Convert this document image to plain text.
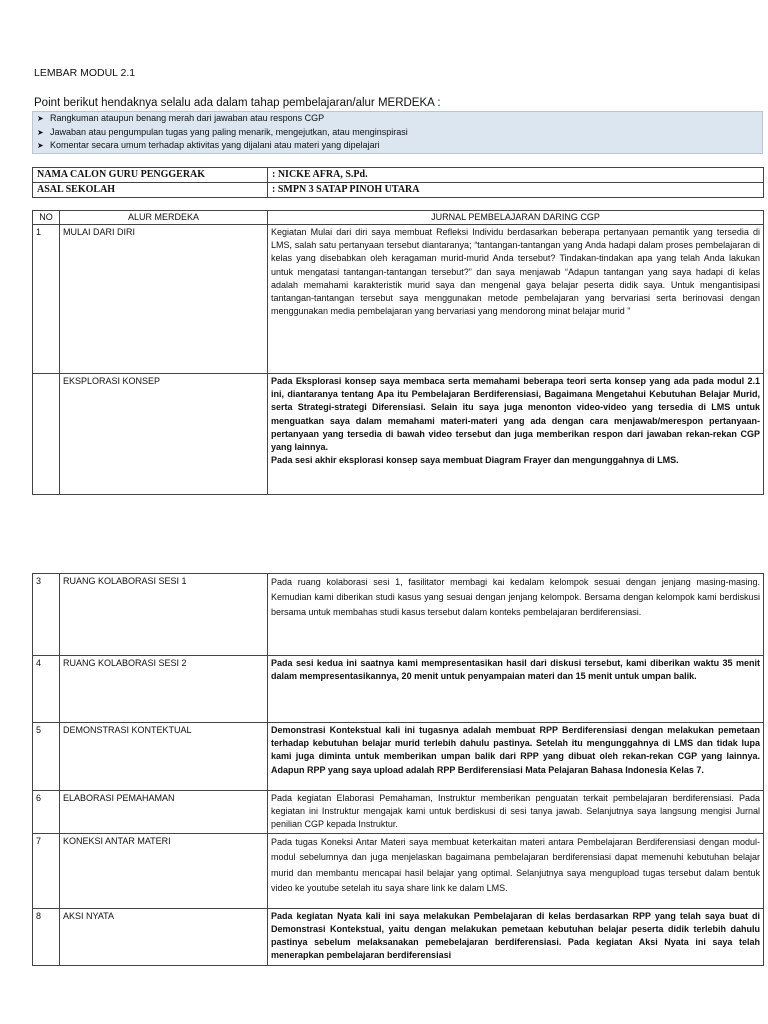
LEMBAR MODUL 2.1
Point berikut hendaknya selalu ada dalam tahap pembelajaran/alur MERDEKA :
➤ Rangkuman ataupun benang merah dari jawaban atau respons CGP
➤ Jawaban atau pengumpulan tugas yang paling menarik, mengejutkan, atau menginspirasi
➤ Komentar secara umum terhadap aktivitas yang dijalani atau materi yang dipelajari
NAMA CALON GURU PENGGERAK	: NICKE AFRA, S.Pd.
ASAL SEKOLAH	: SMPN 3 SATAP PINOH UTARA
NO	ALUR MERDEKA	JURNAL PEMBELAJARAN DARING CGP
1	MULAI DARI DIRI	Kegiatan Mulai dari diri saya membuat Refleksi Individu berdasarkan beberapa pertanyaan pemantik yang tersedia di LMS, salah satu pertanyaan tersebut diantaranya; “tantangan-tantangan yang Anda hadapi dalam proses pembelajaran di kelas yang disebabkan oleh keragaman murid-murid Anda tersebut? Tindakan-tindakan apa yang telah Anda lakukan untuk mengatasi tantangan-tantangan tersebut?” dan saya menjawab “Adapun tantangan yang saya hadapi di kelas adalah memahami karakteristik murid saya dan mengenal gaya belajar peserta didik saya. Untuk mengantisipasi tantangan-tantangan tersebut saya menggunakan metode pembelajaran yang bervariasi serta berinovasi dengan menggunakan media pembelajaran yang bervariasi yang mendorong minat belajar murid ”
	EKSPLORASI KONSEP	Pada Eksplorasi konsep saya membaca serta memahami beberapa teori serta konsep yang ada pada modul 2.1 ini, diantaranya tentang Apa itu Pembelajaran Berdiferensiasi, Bagaimana Mengetahui Kebutuhan Belajar Murid, serta Strategi-strategi Diferensiasi. Selain itu saya juga menonton video-video yang tersedia di LMS untuk menguatkan saya dalam memahami materi-materi yang ada dengan cara menjawab/merespon pertanyaan-pertanyaan yang tersedia di bawah video tersebut dan juga memberikan respon dari jawaban rekan-rekan CGP yang lainnya.
Pada sesi akhir eksplorasi konsep saya membuat Diagram Frayer dan mengunggahnya di LMS.
3	RUANG KOLABORASI SESI 1	Pada ruang kolaborasi sesi 1, fasilitator membagi kai kedalam kelompok sesuai dengan jenjang masing-masing. Kemudian kami diberikan studi kasus yang sesuai dengan jenjang kelompok. Bersama dengan kelompok kami berdiskusi bersama untuk membahas studi kasus tersebut dalam konteks pembelajaran berdiferensiasi.
4	RUANG KOLABORASI SESI 2	Pada sesi kedua ini saatnya kami mempresentasikan hasil dari diskusi tersebut, kami diberikan waktu 35 menit dalam mempresentasikannya, 20 menit untuk penyampaian materi dan 15 menit untuk umpan balik.
5	DEMONSTRASI KONTEKTUAL	Demonstrasi Kontekstual kali ini tugasnya adalah membuat RPP Berdiferensiasi dengan melakukan pemetaan terhadap kebutuhan belajar murid terlebih dahulu pastinya. Setelah itu mengunggahnya di LMS dan tidak lupa kami juga diminta untuk memberikan umpan balik dari RPP yang dibuat oleh rekan-rekan CGP yang lainnya. Adapun RPP yang saya upload adalah RPP Berdiferensiasi Mata Pelajaran Bahasa Indonesia Kelas 7.
6	ELABORASI PEMAHAMAN	Pada kegiatan Elaborasi Pemahaman, Instruktur memberikan penguatan terkait pembelajaran berdiferensiasi. Pada kegiatan ini Instruktur mengajak kami untuk berdiskusi di sesi tanya jawab. Selanjutnya saya langsung mengisi Jurnal penilian CGP kepada Instruktur.
7	KONEKSI ANTAR MATERI	Pada tugas Koneksi Antar Materi saya membuat keterkaitan materi antara Pembelajaran Berdiferensiasi dengan modul-modul sebelumnya dan juga menjelaskan bagaimana pembelajaran berdiferensiasi dapat memenuhi kebutuhan belajar murid dan membantu mencapai hasil belajar yang optimal. Selanjutnya saya mengupload tugas tersebut dalam bentuk video ke youtube setelah itu saya share link ke dalam LMS.
8	AKSI NYATA	Pada kegiatan Nyata kali ini saya melakukan Pembelajaran di kelas berdasarkan RPP yang telah saya buat di Demonstrasi Kontekstual, yaitu dengan melakukan pemetaan kebutuhan belajar peserta didik terlebih dahulu pastinya sebelum melaksanakan pemebelajaran berdiferensiasi. Pada kegiatan Aksi Nyata ini saya telah menerapkan pembelajaran berdiferensiasi
